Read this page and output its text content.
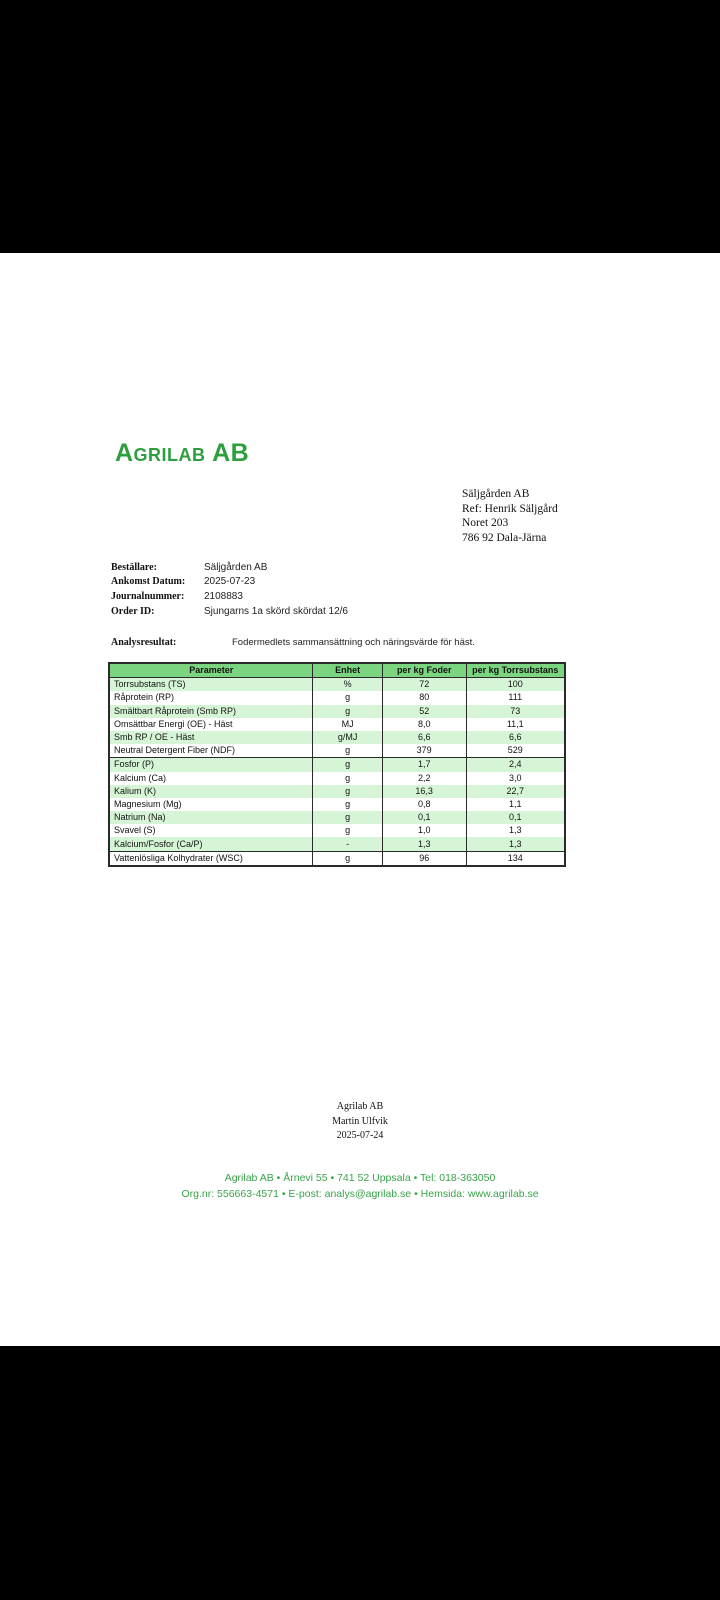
Agrilab AB
Säljgården AB
Ref: Henrik Säljgård
Noret 203
786 92 Dala-Järna
Beställare:	Säljgården AB
Ankomst Datum: 2025-07-23
Journalnummer: 2108883
Order ID:	Sjungarns 1a skörd skördat 12/6
Analysresultat:	Fodermedlets sammansättning och näringsvärde för häst.
Parameter	Enhet	per kg Foder	per kg Torrsubstans
Torrsubstans (TS)	%	72	100
Råprotein (RP)	g	80	111
Smältbart Råprotein (Smb RP)	g	52	73
Omsättbar Energi (OE) - Häst	MJ	8,0	11,1
Smb RP / OE - Häst	g/MJ	6,6	6,6
Neutral Detergent Fiber (NDF)	g	379	529
Fosfor (P)	g	1,7	2,4
Kalcium (Ca)	g	2,2	3,0
Kalium (K)	g	16,3	22,7
Magnesium (Mg)	g	0,8	1,1
Natrium (Na)	g	0,1	0,1
Svavel (S)	g	1,0	1,3
Kalcium/Fosfor (Ca/P)	-	1,3	1,3
Vattenlösliga Kolhydrater (WSC)	g	96	134
Agrilab AB
Martin Ulfvik
2025-07-24
Agrilab AB • Årnevi 55 • 741 52 Uppsala • Tel: 018-363050
Org.nr: 556663-4571 • E-post: analys@agrilab.se • Hemsida: www.agrilab.se
